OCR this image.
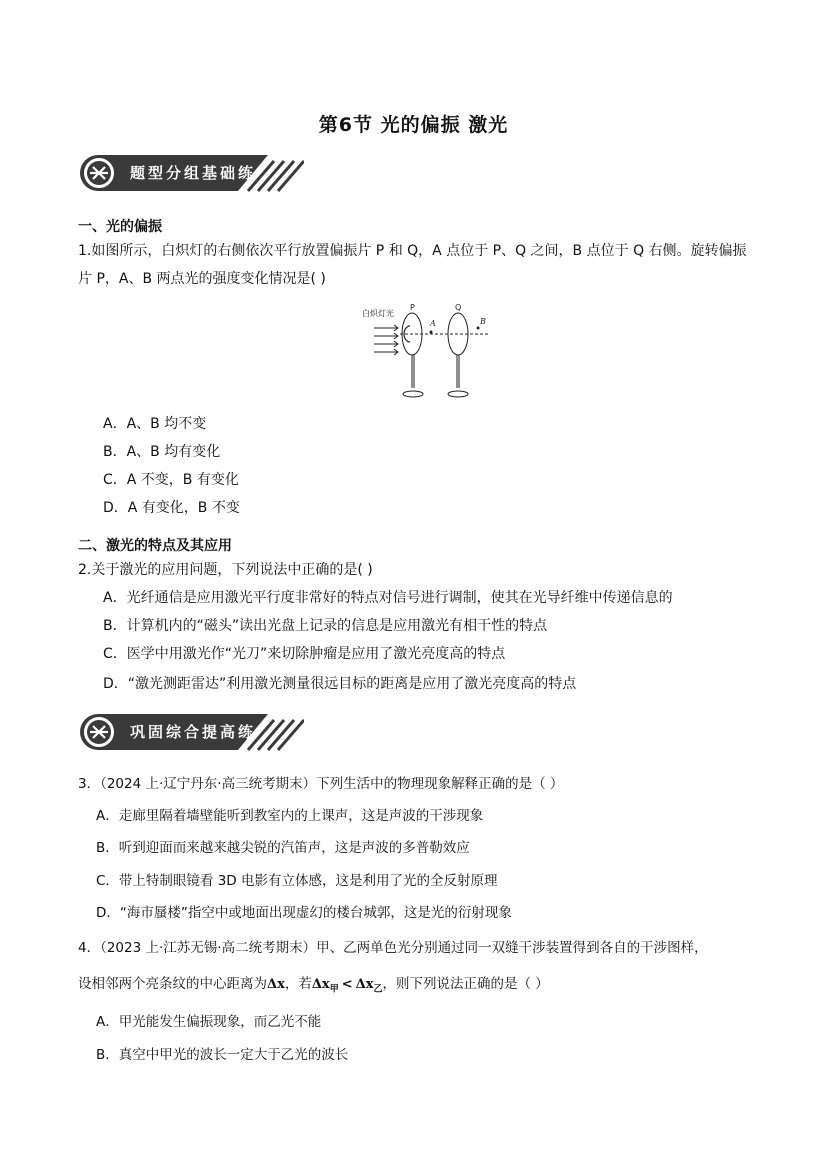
第6节 光的偏振 激光
题型分组基础练
一、光的偏振
1.如图所示，白炽灯的右侧依次平行放置偏振片 P 和 Q，A 点位于 P、Q 之间，B 点位于 Q 右侧。旋转偏振
片 P，A、B 两点光的强度变化情况是( )
白炽灯光
P	Q
A	B
A．A、B 均不变
B．A、B 均有变化
C．A 不变，B 有变化
D．A 有变化，B 不变
二、激光的特点及其应用
2.关于激光的应用问题，下列说法中正确的是( )
A．光纤通信是应用激光平行度非常好的特点对信号进行调制，使其在光导纤维中传递信息的
B．计算机内的“磁头”读出光盘上记录的信息是应用激光有相干性的特点
C．医学中用激光作“光刀”来切除肿瘤是应用了激光亮度高的特点
D．“激光测距雷达”利用激光测量很远目标的距离是应用了激光亮度高的特点
巩固综合提高练
3．（2024 上·辽宁丹东·高三统考期末）下列生活中的物理现象解释正确的是（ ）
A．走廊里隔着墙壁能听到教室内的上课声，这是声波的干涉现象
B．听到迎面而来越来越尖锐的汽笛声，这是声波的多普勒效应
C．带上特制眼镜看 3D 电影有立体感，这是利用了光的全反射原理
D．“海市蜃楼”指空中或地面出现虚幻的楼台城郭，这是光的衍射现象
4．（2023 上·江苏无锡·高二统考期末）甲、乙两单色光分别通过同一双缝干涉装置得到各自的干涉图样，
设相邻两个亮条纹的中心距离为Δx，若$\Delta x_甲 < \Delta x_乙$，则下列说法正确的是（ ）
A．甲光能发生偏振现象，而乙光不能
B．真空中甲光的波长一定大于乙光的波长
